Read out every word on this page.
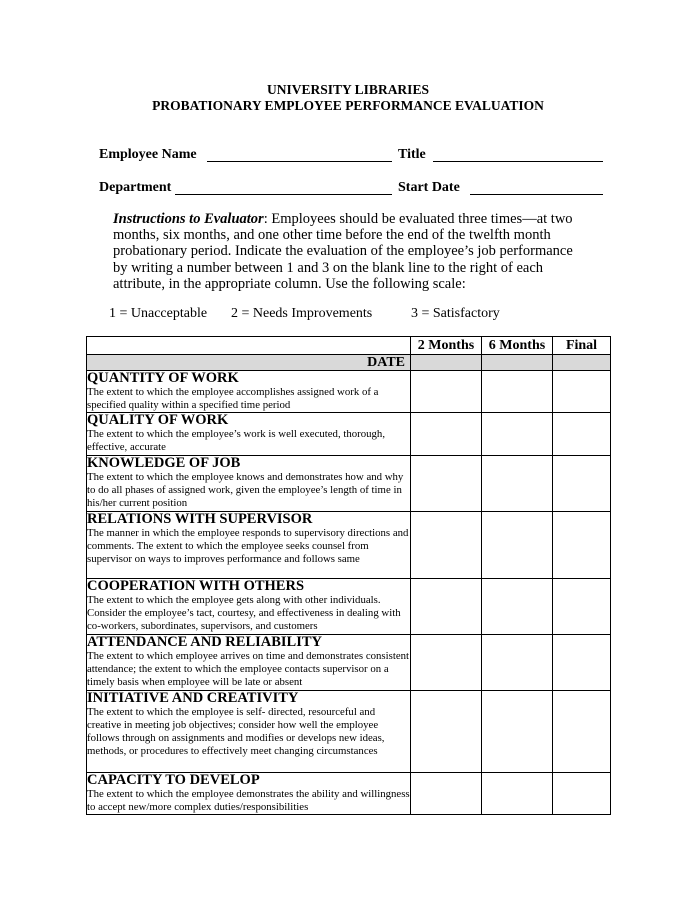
UNIVERSITY LIBRARIES
PROBATIONARY EMPLOYEE PERFORMANCE EVALUATION
Employee Name	Title
Department	Start Date
Instructions to Evaluator: Employees should be evaluated three times—at two months, six months, and one other time before the end of the twelfth month probationary period. Indicate the evaluation of the employee’s job performance by writing a number between 1 and 3 on the blank line to the right of each attribute, in the appropriate column. Use the following scale:
1 = Unacceptable 2 = Needs Improvements	3 = Satisfactory
	2 Months	6 Months	Final
DATE			

QUANTITY OF WORK
The extent to which the employee accomplishes assigned work of a specified quality within a specified time period			

QUALITY OF WORK
The extent to which the employee’s work is well executed, thorough, effective, accurate			

KNOWLEDGE OF JOB
The extent to which the employee knows and demonstrates how and why to do all phases of assigned work, given the employee’s length of time in his/her current position			

RELATIONS WITH SUPERVISOR
The manner in which the employee responds to supervisory directions and comments. The extent to which the employee seeks counsel from supervisor on ways to improves performance and follows same			

COOPERATION WITH OTHERS
The extent to which the employee gets along with other individuals. Consider the employee’s tact, courtesy, and effectiveness in dealing with co-workers, subordinates, supervisors, and customers			

ATTENDANCE AND RELIABILITY
The extent to which employee arrives on time and demonstrates consistent attendance; the extent to which the employee contacts supervisor on a timely basis when employee will be late or absent			

INITIATIVE AND CREATIVITY
The extent to which the employee is self- directed, resourceful and creative in meeting job objectives; consider how well the employee follows through on assignments and modifies or develops new ideas, methods, or procedures to effectively meet changing circumstances			

CAPACITY TO DEVELOP
The extent to which the employee demonstrates the ability and willingness to accept new/more complex duties/responsibilities			
